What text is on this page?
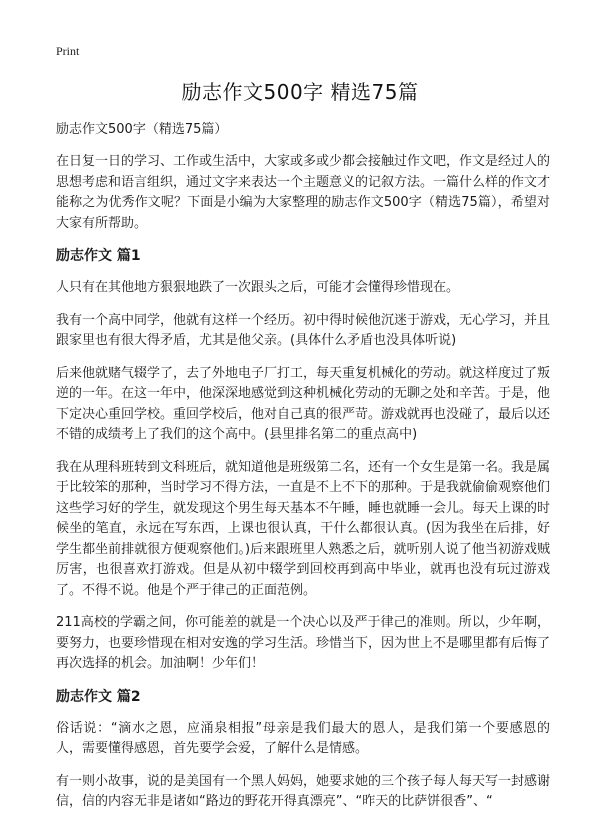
Print
励志作文500字 精选75篇
励志作文500字（精选75篇）

在日复一日的学习、工作或生活中，大家或多或少都会接触过作文吧，作文是经过人的思想考虑和语言组织，通过文字来表达一个主题意义的记叙方法。一篇什么样的作文才能称之为优秀作文呢？下面是小编为大家整理的励志作文500字（精选75篇），希望对大家有所帮助。

励志作文 篇1

人只有在其他地方狠狠地跌了一次跟头之后，可能才会懂得珍惜现在。

我有一个高中同学，他就有这样一个经历。初中得时候他沉迷于游戏，无心学习，并且跟家里也有很大得矛盾，尤其是他父亲。(具体什么矛盾也没具体听说)

后来他就赌气辍学了，去了外地电子厂打工，每天重复机械化的劳动。就这样度过了叛逆的一年。在这一年中，他深深地感觉到这种机械化劳动的无聊之处和辛苦。于是，他下定决心重回学校。重回学校后，他对自己真的很严苛。游戏就再也没碰了，最后以还不错的成绩考上了我们的这个高中。(县里排名第二的重点高中)

我在从理科班转到文科班后，就知道他是班级第二名，还有一个女生是第一名。我是属于比较笨的那种，当时学习不得方法，一直是不上不下的那种。于是我就偷偷观察他们这些学习好的学生，就发现这个男生每天基本不午睡，睡也就睡一会儿。每天上课的时候坐的笔直，永远在写东西，上课也很认真，干什么都很认真。(因为我坐在后排，好学生都坐前排就很方便观察他们。)后来跟班里人熟悉之后，就听别人说了他当初游戏贼厉害，也很喜欢打游戏。但是从初中辍学到回校再到高中毕业，就再也没有玩过游戏了。不得不说。他是个严于律己的正面范例。

211高校的学霸之间，你可能差的就是一个决心以及严于律己的准则。所以，少年啊，要努力，也要珍惜现在相对安逸的学习生活。珍惜当下，因为世上不是哪里都有后悔了再次选择的机会。加油啊！少年们！

励志作文 篇2

俗话说：“滴水之恩，应涌泉相报”母亲是我们最大的恩人，是我们第一个要感恩的人，需要懂得感恩，首先要学会爱，了解什么是情感。

有一则小故事，说的是美国有一个黑人妈妈，她要求她的三个孩子每人每天写一封感谢信，信的内容无非是诸如“路边的野花开得真漂亮”、“昨天的比萨饼很香”、“
